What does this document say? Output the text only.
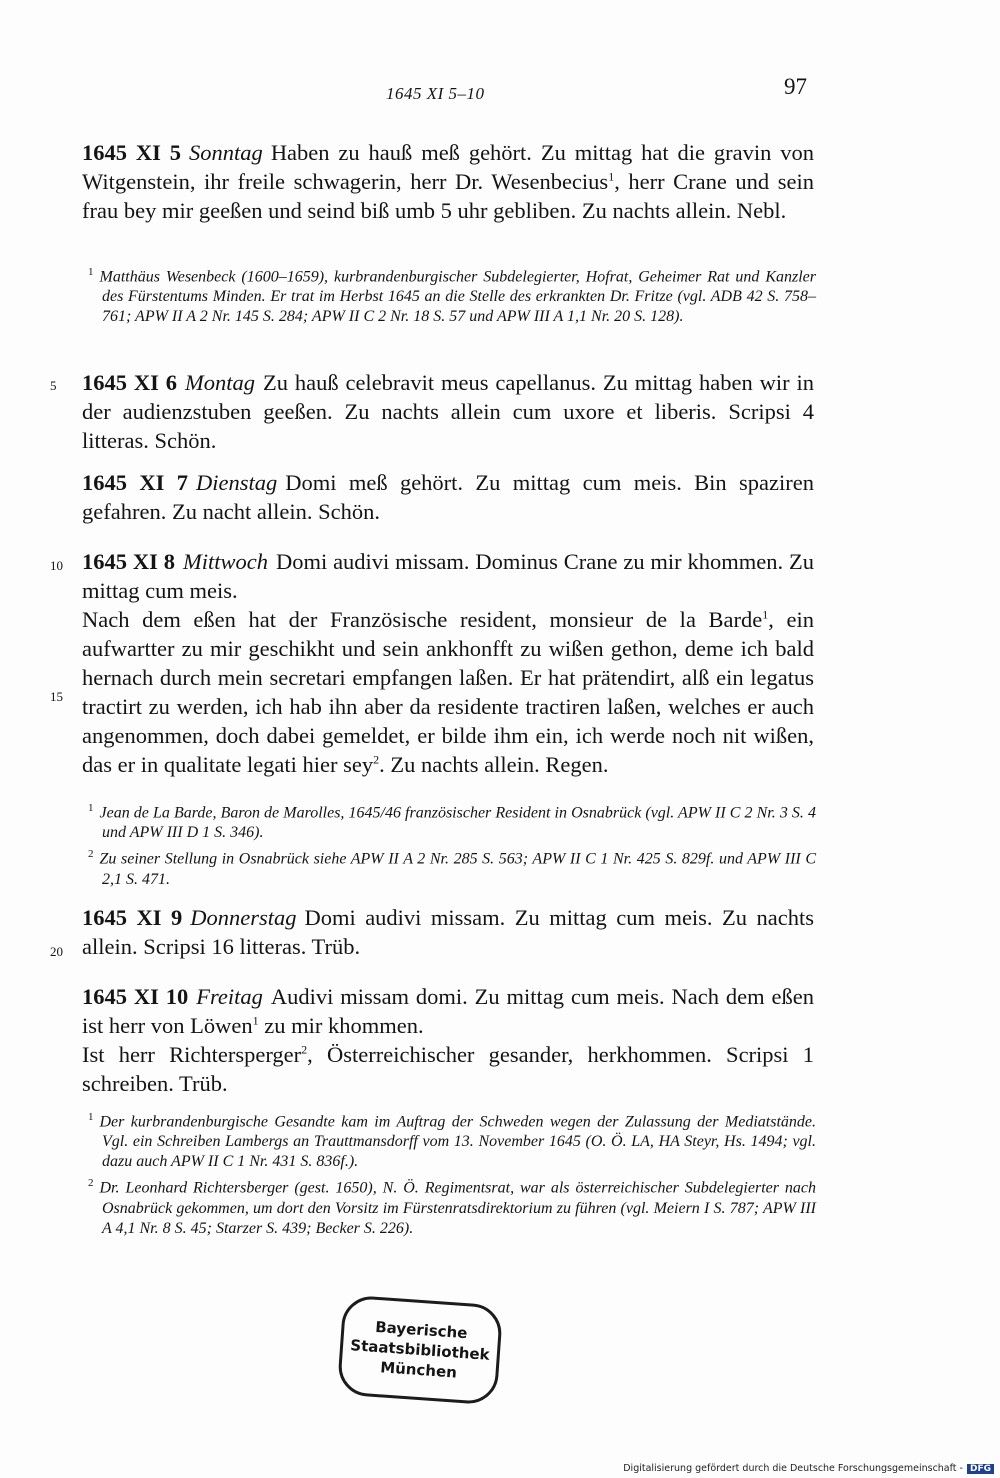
1645 XI 5–10	97

1645 XI 5 Sonntag Haben zu hauß meß gehört. Zu mittag hat die gravin von Witgenstein, ihr freile schwagerin, herr Dr. Wesenbecius$^1$, herr Crane und sein frau bey mir geeßen und seind biß umb 5 uhr gebliben. Zu nachts allein. Nebl.

$^1$ Matthäus Wesenbeck (1600–1659), kurbrandenburgischer Subdelegierter, Hofrat, Geheimer Rat und Kanzler des Fürstentums Minden. Er trat im Herbst 1645 an die Stelle des erkrankten Dr. Fritze (vgl. ADB 42 S. 758–761; APW II A 2 Nr. 145 S. 284; APW II C 2 Nr. 18 S. 57 und APW III A 1,1 Nr. 20 S. 128).

5 1645 XI 6 Montag Zu hauß celebravit meus capellanus. Zu mittag haben wir in der audienzstuben geeßen. Zu nachts allein cum uxore et liberis. Scripsi 4 litteras. Schön.

1645 XI 7 Dienstag Domi meß gehört. Zu mittag cum meis. Bin spaziren gefahren. Zu nacht allein. Schön.

10 1645 XI 8 Mittwoch Domi audivi missam. Dominus Crane zu mir khommen. Zu mittag cum meis.

Nach dem eßen hat der Französische resident, monsieur de la Barde$^1$, ein aufwartter zu mir geschikht und sein ankhonfft zu wißen gethon, deme ich bald hernach durch mein secretari empfangen laßen. Er hat prätendirt, alß ein legatus tractirt zu werden, ich hab ihn aber da residente tractiren laßen, welches er auch angenommen, doch dabei gemeldet, er bilde ihm ein, ich werde noch nit wißen, das er in qualitate legati hier sey$^2$. Zu nachts allein. Regen.

15

$^1$ Jean de La Barde, Baron de Marolles, 1645/46 französischer Resident in Osnabrück (vgl. APW II C 2 Nr. 3 S. 4 und APW III D 1 S. 346).

$^2$ Zu seiner Stellung in Osnabrück siehe APW II A 2 Nr. 285 S. 563; APW II C 1 Nr. 425 S. 829f. und APW III C 2,1 S. 471.

1645 XI 9 Donnerstag Domi audivi missam. Zu mittag cum meis. Zu nachts allein. Scripsi 16 litteras. Trüb.

20

1645 XI 10 Freitag Audivi missam domi. Zu mittag cum meis. Nach dem eßen ist herr von Löwen$^1$ zu mir khommen.

Ist herr Richtersperger$^2$, Österreichischer gesander, herkhommen. Scripsi 1 schreiben. Trüb.

$^1$ Der kurbrandenburgische Gesandte kam im Auftrag der Schweden wegen der Zulassung der Mediatstände. Vgl. ein Schreiben Lambergs an Trauttmansdorff vom 13. November 1645 (O. Ö. LA, HA Steyr, Hs. 1494; vgl. dazu auch APW II C 1 Nr. 431 S. 836f.).

$^2$ Dr. Leonhard Richtersberger (gest. 1650), N. Ö. Regimentsrat, war als österreichischer Subdelegierter nach Osnabrück gekommen, um dort den Vorsitz im Fürstenratsdirektorium zu führen (vgl. Meiern I S. 787; APW III A 4,1 Nr. 8 S. 45; Starzer S. 439; Becker S. 226).

Bayerische
Staatsbibliothek
München
Digitalisierung gefördert durch die Deutsche Forschungsgemeinschaft - DFG
